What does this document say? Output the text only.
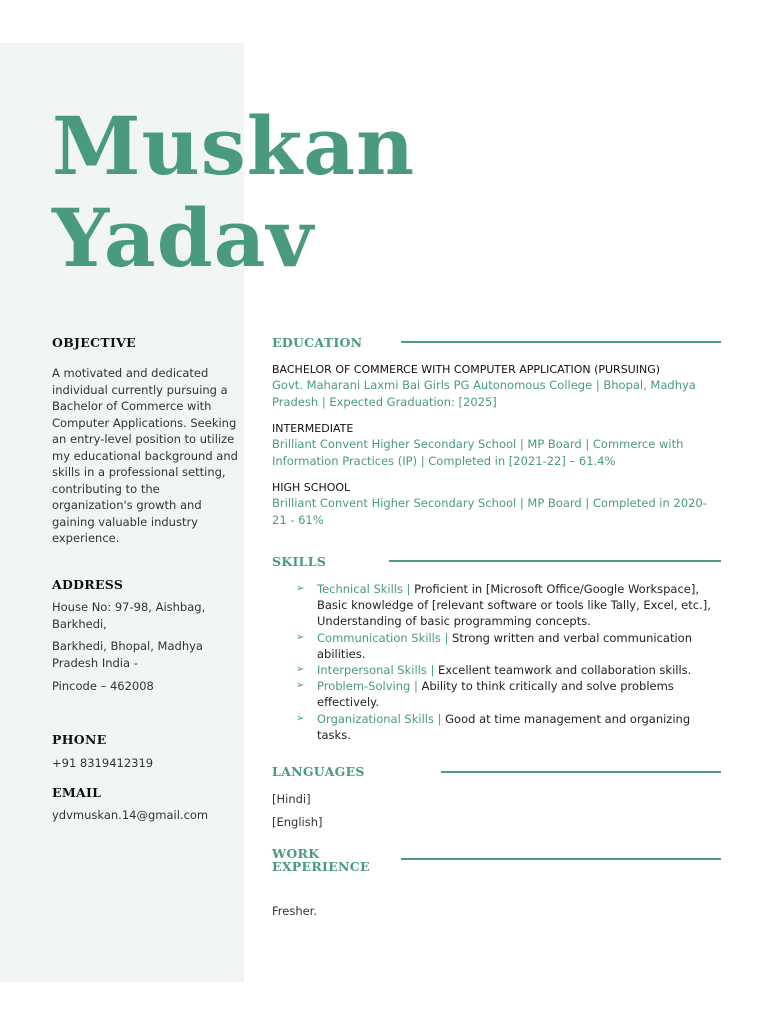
Muskan
Yadav
OBJECTIVE
A motivated and dedicated individual currently pursuing a Bachelor of Commerce with Computer Applications. Seeking an entry-level position to utilize my educational background and skills in a professional setting, contributing to the organization's growth and gaining valuable industry experience.
ADDRESS
House No: 97-98, Aishbag, Barkhedi,
Barkhedi, Bhopal, Madhya Pradesh India -
Pincode – 462008
PHONE
+91 8319412319
EMAIL
ydvmuskan.14@gmail.com
EDUCATION
BACHELOR OF COMMERCE WITH COMPUTER APPLICATION (PURSUING)
Govt. Maharani Laxmi Bai Girls PG Autonomous College | Bhopal, Madhya Pradesh | Expected Graduation: [2025]
INTERMEDIATE
Brilliant Convent Higher Secondary School | MP Board | Commerce with Information Practices (IP) | Completed in [2021-22] – 61.4%
HIGH SCHOOL
Brilliant Convent Higher Secondary School | MP Board | Completed in 2020-21 - 61%
SKILLS
➢ Technical Skills | Proficient in [Microsoft Office/Google Workspace], Basic knowledge of [relevant software or tools like Tally, Excel, etc.], Understanding of basic programming concepts.
➢ Communication Skills | Strong written and verbal communication abilities.
➢ Interpersonal Skills | Excellent teamwork and collaboration skills.
➢ Problem-Solving | Ability to think critically and solve problems effectively.
➢ Organizational Skills | Good at time management and organizing tasks.
LANGUAGES
[Hindi]
[English]
WORK
EXPERIENCE
Fresher.
